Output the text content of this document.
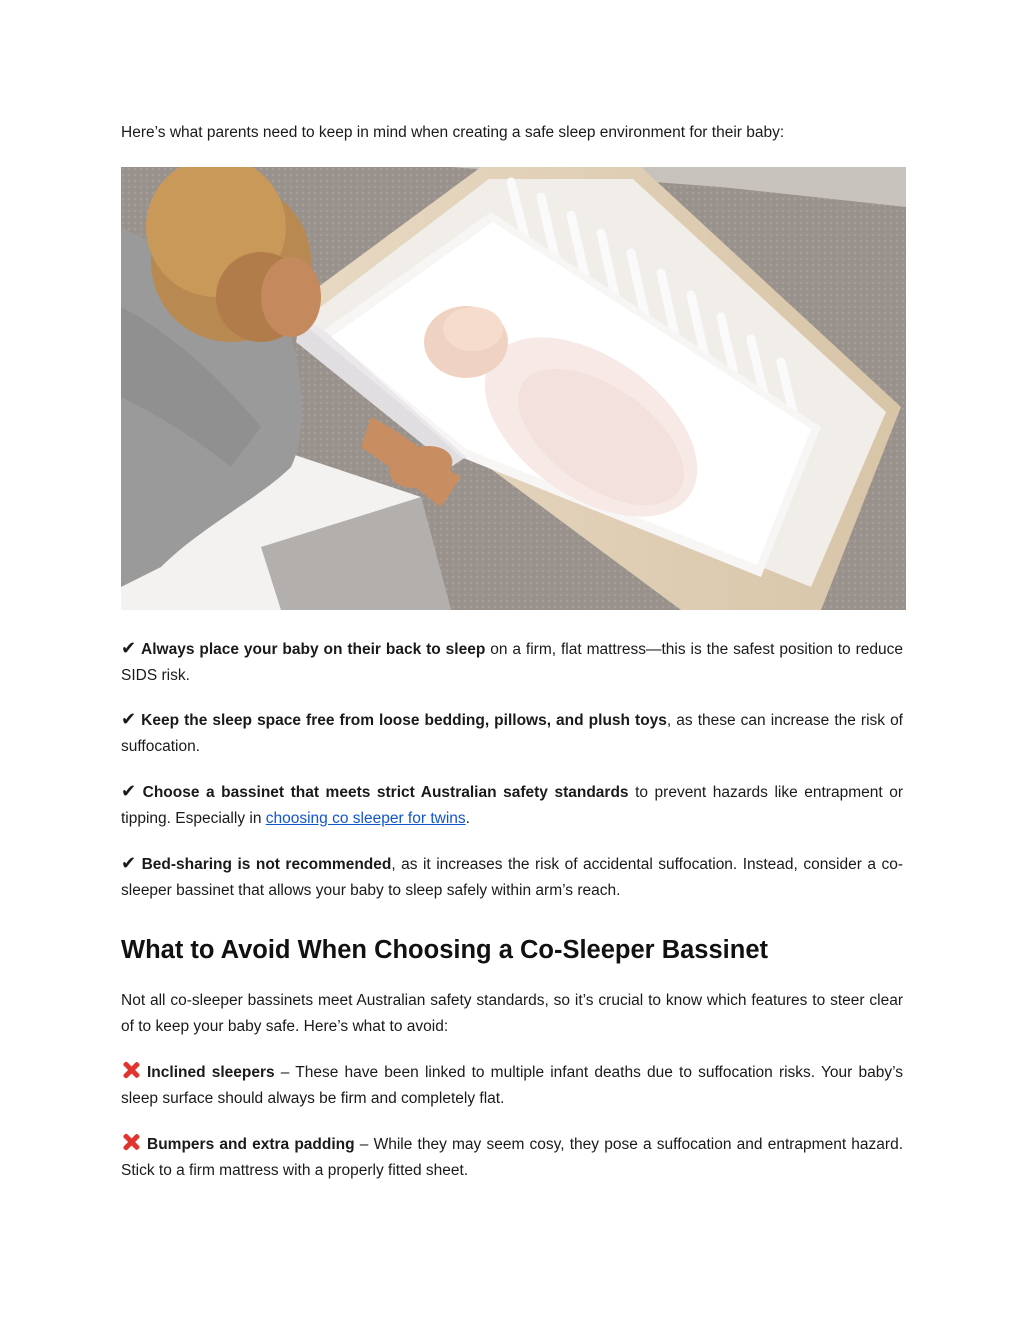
Here’s what parents need to keep in mind when creating a safe sleep environment for their baby:

✔ Always place your baby on their back to sleep on a firm, flat mattress—this is the safest position to reduce SIDS risk.

✔ Keep the sleep space free from loose bedding, pillows, and plush toys, as these can increase the risk of suffocation.

✔ Choose a bassinet that meets strict Australian safety standards to prevent hazards like entrapment or tipping. Especially in choosing co sleeper for twins.

✔ Bed-sharing is not recommended, as it increases the risk of accidental suffocation. Instead, consider a co-sleeper bassinet that allows your baby to sleep safely within arm’s reach.

What to Avoid When Choosing a Co-Sleeper Bassinet

Not all co-sleeper bassinets meet Australian safety standards, so it’s crucial to know which features to steer clear of to keep your baby safe. Here’s what to avoid:

Inclined sleepers – These have been linked to multiple infant deaths due to suffocation risks. Your baby’s sleep surface should always be firm and completely flat.

Bumpers and extra padding – While they may seem cosy, they pose a suffocation and entrapment hazard. Stick to a firm mattress with a properly fitted sheet.
